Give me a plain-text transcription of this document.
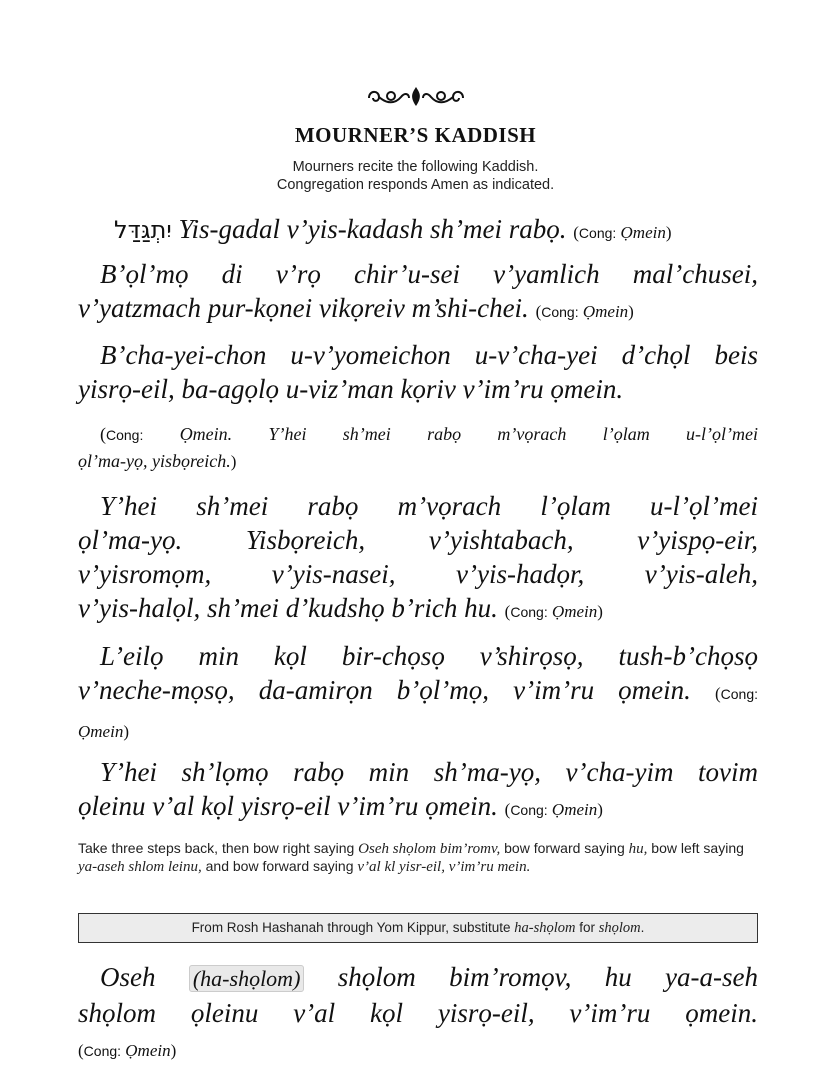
MOURNER’S KADDISH
Mourners recite the following Kaddish.
Congregation responds Amen as indicated.
יִתְגַּדַּל Yis-gadal v’yis-kadash sh’mei rabọ. (Cong: Ọmein)
B’ọl’mọ di v’rọ chir’u-sei v’yamlich mal’chusei,
v’yatzmach pur-kọnei vikọreiv m’shi-chei. (Cong: Ọmein)
B’cha-yei-chon u-v’yomeichon u-v’cha-yei d’chọl beis
yisrọ-eil, ba-agọlọ u-viz’man kọriv v’im’ru ọmein.
(Cong: Ọmein. Y’hei sh’mei rabọ m’vọrach l’ọlam u-l’ọl’mei
ọl’ma-yọ, yisbọreich.)
Y’hei sh’mei rabọ m’vọrach l’ọlam u-l’ọl’mei
ọl’ma-yọ. Yisbọreich, v’yishtabach, v’yispọ-eir,
v’yisromọm, v’yis-nasei, v’yis-hadọr, v’yis-aleh,
v’yis-halọl, sh’mei d’kudshọ b’rich hu. (Cong: Ọmein)
L’eilọ min kọl bir-chọsọ v’shirọsọ, tush-b’chọsọ
v’neche-mọsọ, da-amirọn b’ọl’mọ, v’im’ru ọmein. (Cong:
Ọmein)
Y’hei sh’lọmọ rabọ min sh’ma-yọ, v’cha-yim tovim
ọleinu v’al kọl yisrọ-eil v’im’ru ọmein. (Cong: Ọmein)
Take three steps back, then bow right saying Oseh shọlom bim’romv, bow forward saying hu, bow left saying ya-aseh shlom leinu, and bow forward saying v’al kl yisr-eil, v’im’ru mein.
From Rosh Hashanah through Yom Kippur, substitute ha-shọlom for shọlom.
Oseh (ha-shọlom) shọlom bim’romọv, hu ya-a-seh
shọlom ọleinu v’al kọl yisrọ-eil, v’im’ru ọmein.
(Cong: Ọmein)
